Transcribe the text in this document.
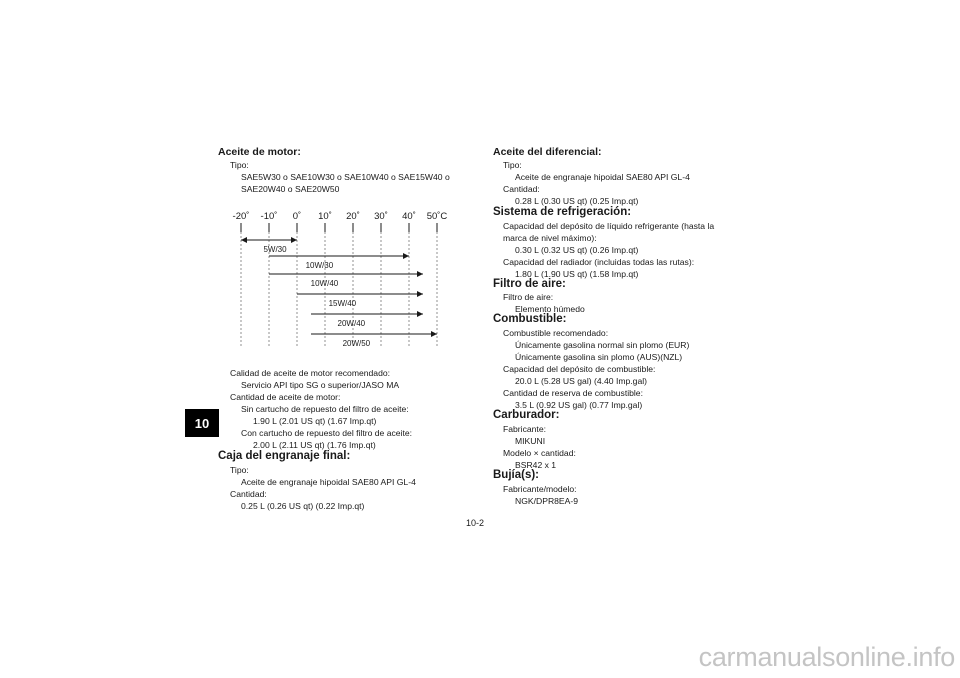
10
Aceite de motor:
Tipo:
SAE5W30 o SAE10W30 o SAE10W40 o SAE15W40 o
SAE20W40 o SAE20W50
-20˚ -10˚ 0˚ 10˚ 20˚ 30˚ 40˚ 50˚C
5W/30
10W/30
10W/40
15W/40
20W/40
20W/50
Calidad de aceite de motor recomendado:
Servicio API tipo SG o superior/JASO MA
Cantidad de aceite de motor:
Sin cartucho de repuesto del filtro de aceite:
1.90 L (2.01 US qt) (1.67 Imp.qt)
Con cartucho de repuesto del filtro de aceite:
2.00 L (2.11 US qt) (1.76 Imp.qt)
Caja del engranaje final:
Tipo:
Aceite de engranaje hipoidal SAE80 API GL-4
Cantidad:
0.25 L (0.26 US qt) (0.22 Imp.qt)
Aceite del diferencial:
Tipo:
Aceite de engranaje hipoidal SAE80 API GL-4
Cantidad:
0.28 L (0.30 US qt) (0.25 Imp.qt)
Sistema de refrigeración:
Capacidad del depósito de líquido refrigerante (hasta la
marca de nivel máximo):
0.30 L (0.32 US qt) (0.26 Imp.qt)
Capacidad del radiador (incluidas todas las rutas):
1.80 L (1.90 US qt) (1.58 Imp.qt)
Filtro de aire:
Filtro de aire:
Elemento húmedo
Combustible:
Combustible recomendado:
Únicamente gasolina normal sin plomo (EUR)
Únicamente gasolina sin plomo (AUS)(NZL)
Capacidad del depósito de combustible:
20.0 L (5.28 US gal) (4.40 Imp.gal)
Cantidad de reserva de combustible:
3.5 L (0.92 US gal) (0.77 Imp.gal)
Carburador:
Fabricante:
MIKUNI
Modelo × cantidad:
BSR42 x 1
Bujía(s):
Fabricante/modelo:
NGK/DPR8EA-9
10-2
carmanualsonline.info
